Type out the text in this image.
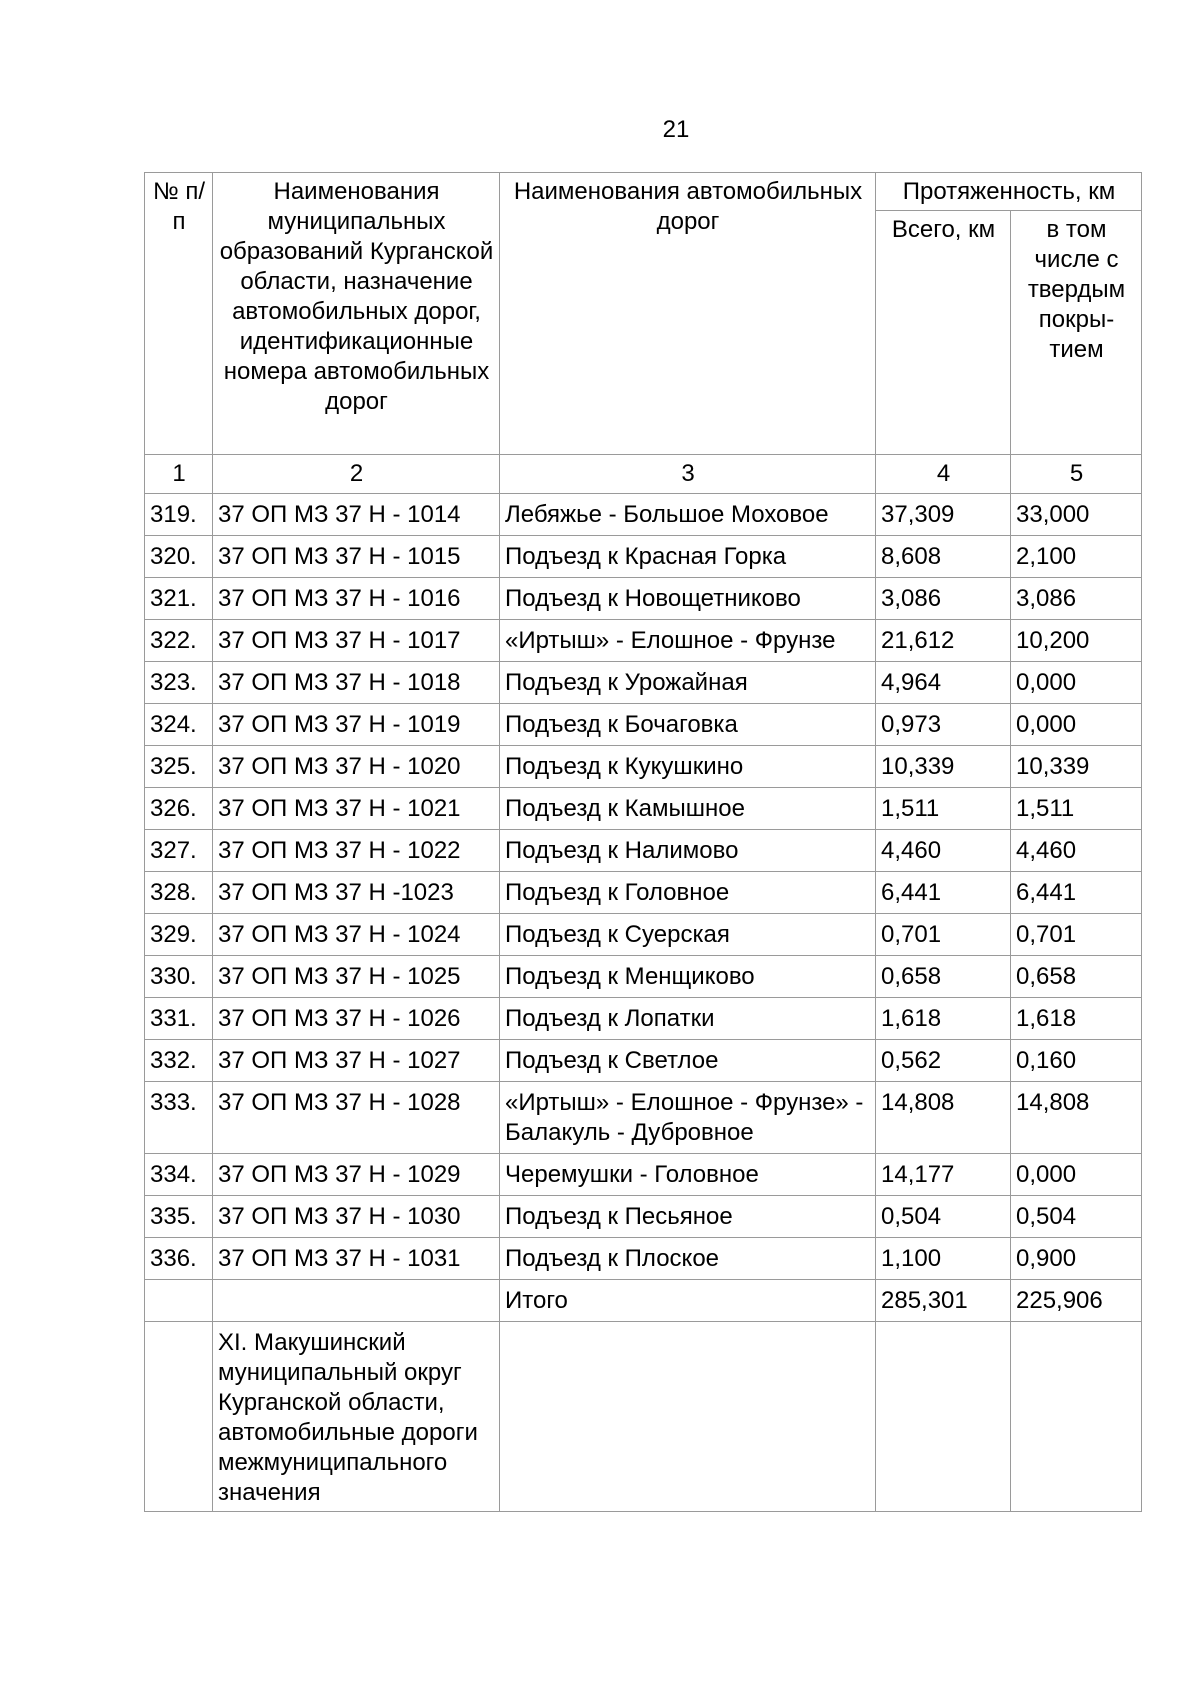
21
№ п/п	Наименования муниципальных образований Курганской области, назначение автомобильных дорог, идентификационные номера автомобильных дорог	Наименования автомобильных дорог	Протяженность, км	
			Всего, км	в том числе с твердым покры- тием
1	2	3	4	5
319.	37 ОП МЗ 37 Н - 1014	Лебяжье - Большое Моховое	37,309	33,000
320.	37 ОП МЗ 37 Н - 1015	Подъезд к Красная Горка	8,608	2,100
321.	37 ОП МЗ 37 Н - 1016	Подъезд к Новощетниково	3,086	3,086
322.	37 ОП МЗ 37 Н - 1017	«Иртыш» - Елошное - Фрунзе	21,612	10,200
323.	37 ОП МЗ 37 Н - 1018	Подъезд к Урожайная	4,964	0,000
324.	37 ОП МЗ 37 Н - 1019	Подъезд к Бочаговка	0,973	0,000
325.	37 ОП МЗ 37 Н - 1020	Подъезд к Кукушкино	10,339	10,339
326.	37 ОП МЗ 37 Н - 1021	Подъезд к Камышное	1,511	1,511
327.	37 ОП МЗ 37 Н - 1022	Подъезд к Налимово	4,460	4,460
328.	37 ОП МЗ 37 Н -1023	Подъезд к Головное	6,441	6,441
329.	37 ОП МЗ 37 Н - 1024	Подъезд к Суерская	0,701	0,701
330.	37 ОП МЗ 37 Н - 1025	Подъезд к Менщиково	0,658	0,658
331.	37 ОП МЗ 37 Н - 1026	Подъезд к Лопатки	1,618	1,618
332.	37 ОП МЗ 37 Н - 1027	Подъезд к Светлое	0,562	0,160
333.	37 ОП МЗ 37 Н - 1028	«Иртыш» - Елошное - Фрунзе» - Балакуль - Дубровное	14,808	14,808
334.	37 ОП МЗ 37 Н - 1029	Черемушки - Головное	14,177	0,000
335.	37 ОП МЗ 37 Н - 1030	Подъезд к Песьяное	0,504	0,504
336.	37 ОП МЗ 37 Н - 1031	Подъезд к Плоское	1,100	0,900
		Итого	285,301	225,906
	XI. Макушинский муниципальный округ Курганской области, автомобильные дороги межмуниципального значения			
